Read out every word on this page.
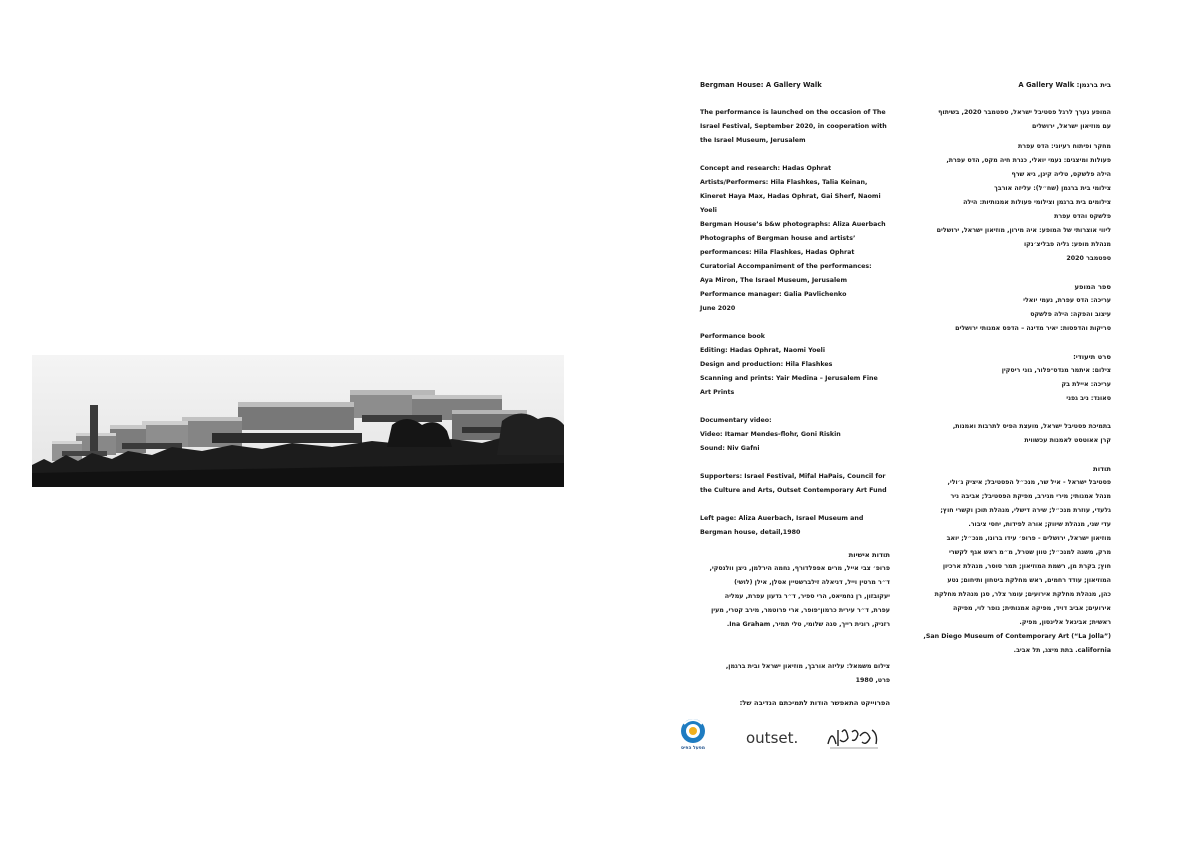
Bergman House: A Gallery Walk

The performance is launched on the occasion of The

Israel Festival, September 2020, in cooperation with

the Israel Museum, Jerusalem

Concept and research: Hadas Ophrat

Artists/Performers: Hila Flashkes, Talia Keinan,

Kineret Haya Max, Hadas Ophrat, Gai Sherf, Naomi

Yoeli

Bergman House’s b&w photographs: Aliza Auerbach

Photographs of Bergman house and artists’

performances: Hila Flashkes, Hadas Ophrat

Curatorial Accompaniment of the performances:

Aya Miron, The Israel Museum, Jerusalem

Performance manager: Galia Pavlichenko

June 2020

Performance book

Editing: Hadas Ophrat, Naomi Yoeli

Design and production: Hila Flashkes

Scanning and prints: Yair Medina – Jerusalem Fine

Art Prints

Documentary video:

Video: Itamar Mendes-flohr, Goni Riskin

Sound: Niv Gafni

Supporters: Israel Festival, Mifal HaPais, Council for

the Culture and Arts, Outset Contemporary Art Fund

Left page: Aliza Auerbach, Israel Museum and

Bergman house, detail,1980

תודות אישיות

פרופ׳ צבי אייל, מרים אפפלדורף, נחמה הירלמן, ניצן וולנסקי,

ד״ר מרטין וייל, דניאלה זילברשטיין אסלן, אילן (לושי)

יעקובזון, רן נחמיאס, הרי ספיר, ד״ר גדעון עפרת, עמליה

עפרת, ד״ר עירית כרמון־פופר, ארי פרוטמר, מירב קטרי, מעין

רזניק, רונית רייך, סגה שלומי, טלי תמיר, Ina Graham.

צילום משמאל: עליזה אורבך, מוזיאון ישראל ובית ברגמן,

פרט, 1980

הפרוייקט התאפשר הודות לתמיכתם הנדיבה של:

outset.
מפעל הפיס

בית ברגמן: A Gallery Walk

המופע נערך לרגל פסטיבל ישראל, ספטמבר 2020, בשיתוף

עם מוזיאון ישראל, ירושלים

מחקר ופיתוח רעיוני: הדס עפרת

פעולות ומיצגים: נעמי יואלי, כנרת חיה מקס, הדס עפרת,

הילה פלשקס, טליה קינן, גיא שרף

צילומי בית ברגמן (שח״ל): עליזה אורבך

צילומים בית ברגמן וצילומי פעולות אמנותיות: הילה

פלשקס והדס עפרת

ליווי אוצרותי של המופע: איה מירון, מוזיאון ישראל, ירושלים

מנהלת מופע: גליה פבליצ׳נקו

ספטמבר 2020

ספר המופע

עריכה: הדס עפרת, נעמי יואלי

עיצוב והפקה: הילה פלשקס

סריקות והדפסות: יאיר מדינה – הדפס אמנותי ירושלים

סרט תיעודי:

צילום: איתמר מנדס־פלור, גוני ריסקין

עריכה: איילת בק

סאונד: ניב גפני

בתמיכת פסטיבל ישראל, מועצת הפיס לתרבות ואמנות,

קרן אאוטסט לאמנות עכשווית

תודות

פסטיבל ישראל - איל שר, מנכ״ל הפסטיבל; איציק ג׳ולי,

מנהל אמנותי; מירי מגירב, מפיקת הפסטיבל; אביבה ניר

גלעדי, עוזרת מנכ״ל; שירה דישלי, מנהלת תוכן וקשרי חוץ;

עדי שני, מנהלת שיווק; אורה לפידות, יחסי ציבור.

מוזיאון ישראל, ירושלים - פרופ׳ עידו ברונו, מנכ״ל; יואב

מרק, משנה למנכ״ל; טוון שטרל, מ״מ ראש אגף לקשרי

חוץ; בקרת מן, רשמת המוזיאון; תמר סוסר, מנהלת ארכיון

המוזיאון; עודד רחמים, ראש מחלקת ביטחון ותיחום; נטע

כהן, מנהלת מחלקת אירועים; עומר צלר, סגן מנהלת מחלקת

אירועים; אביב דויד, מפיקה אמנותית; נופר לוי, מפיקה

ראשית; אביגאל אלינסון, מפיק.

San Diego Museum of Contemporary Art (“La Jolla”),

california. בתת מיצג, תל אביב.
